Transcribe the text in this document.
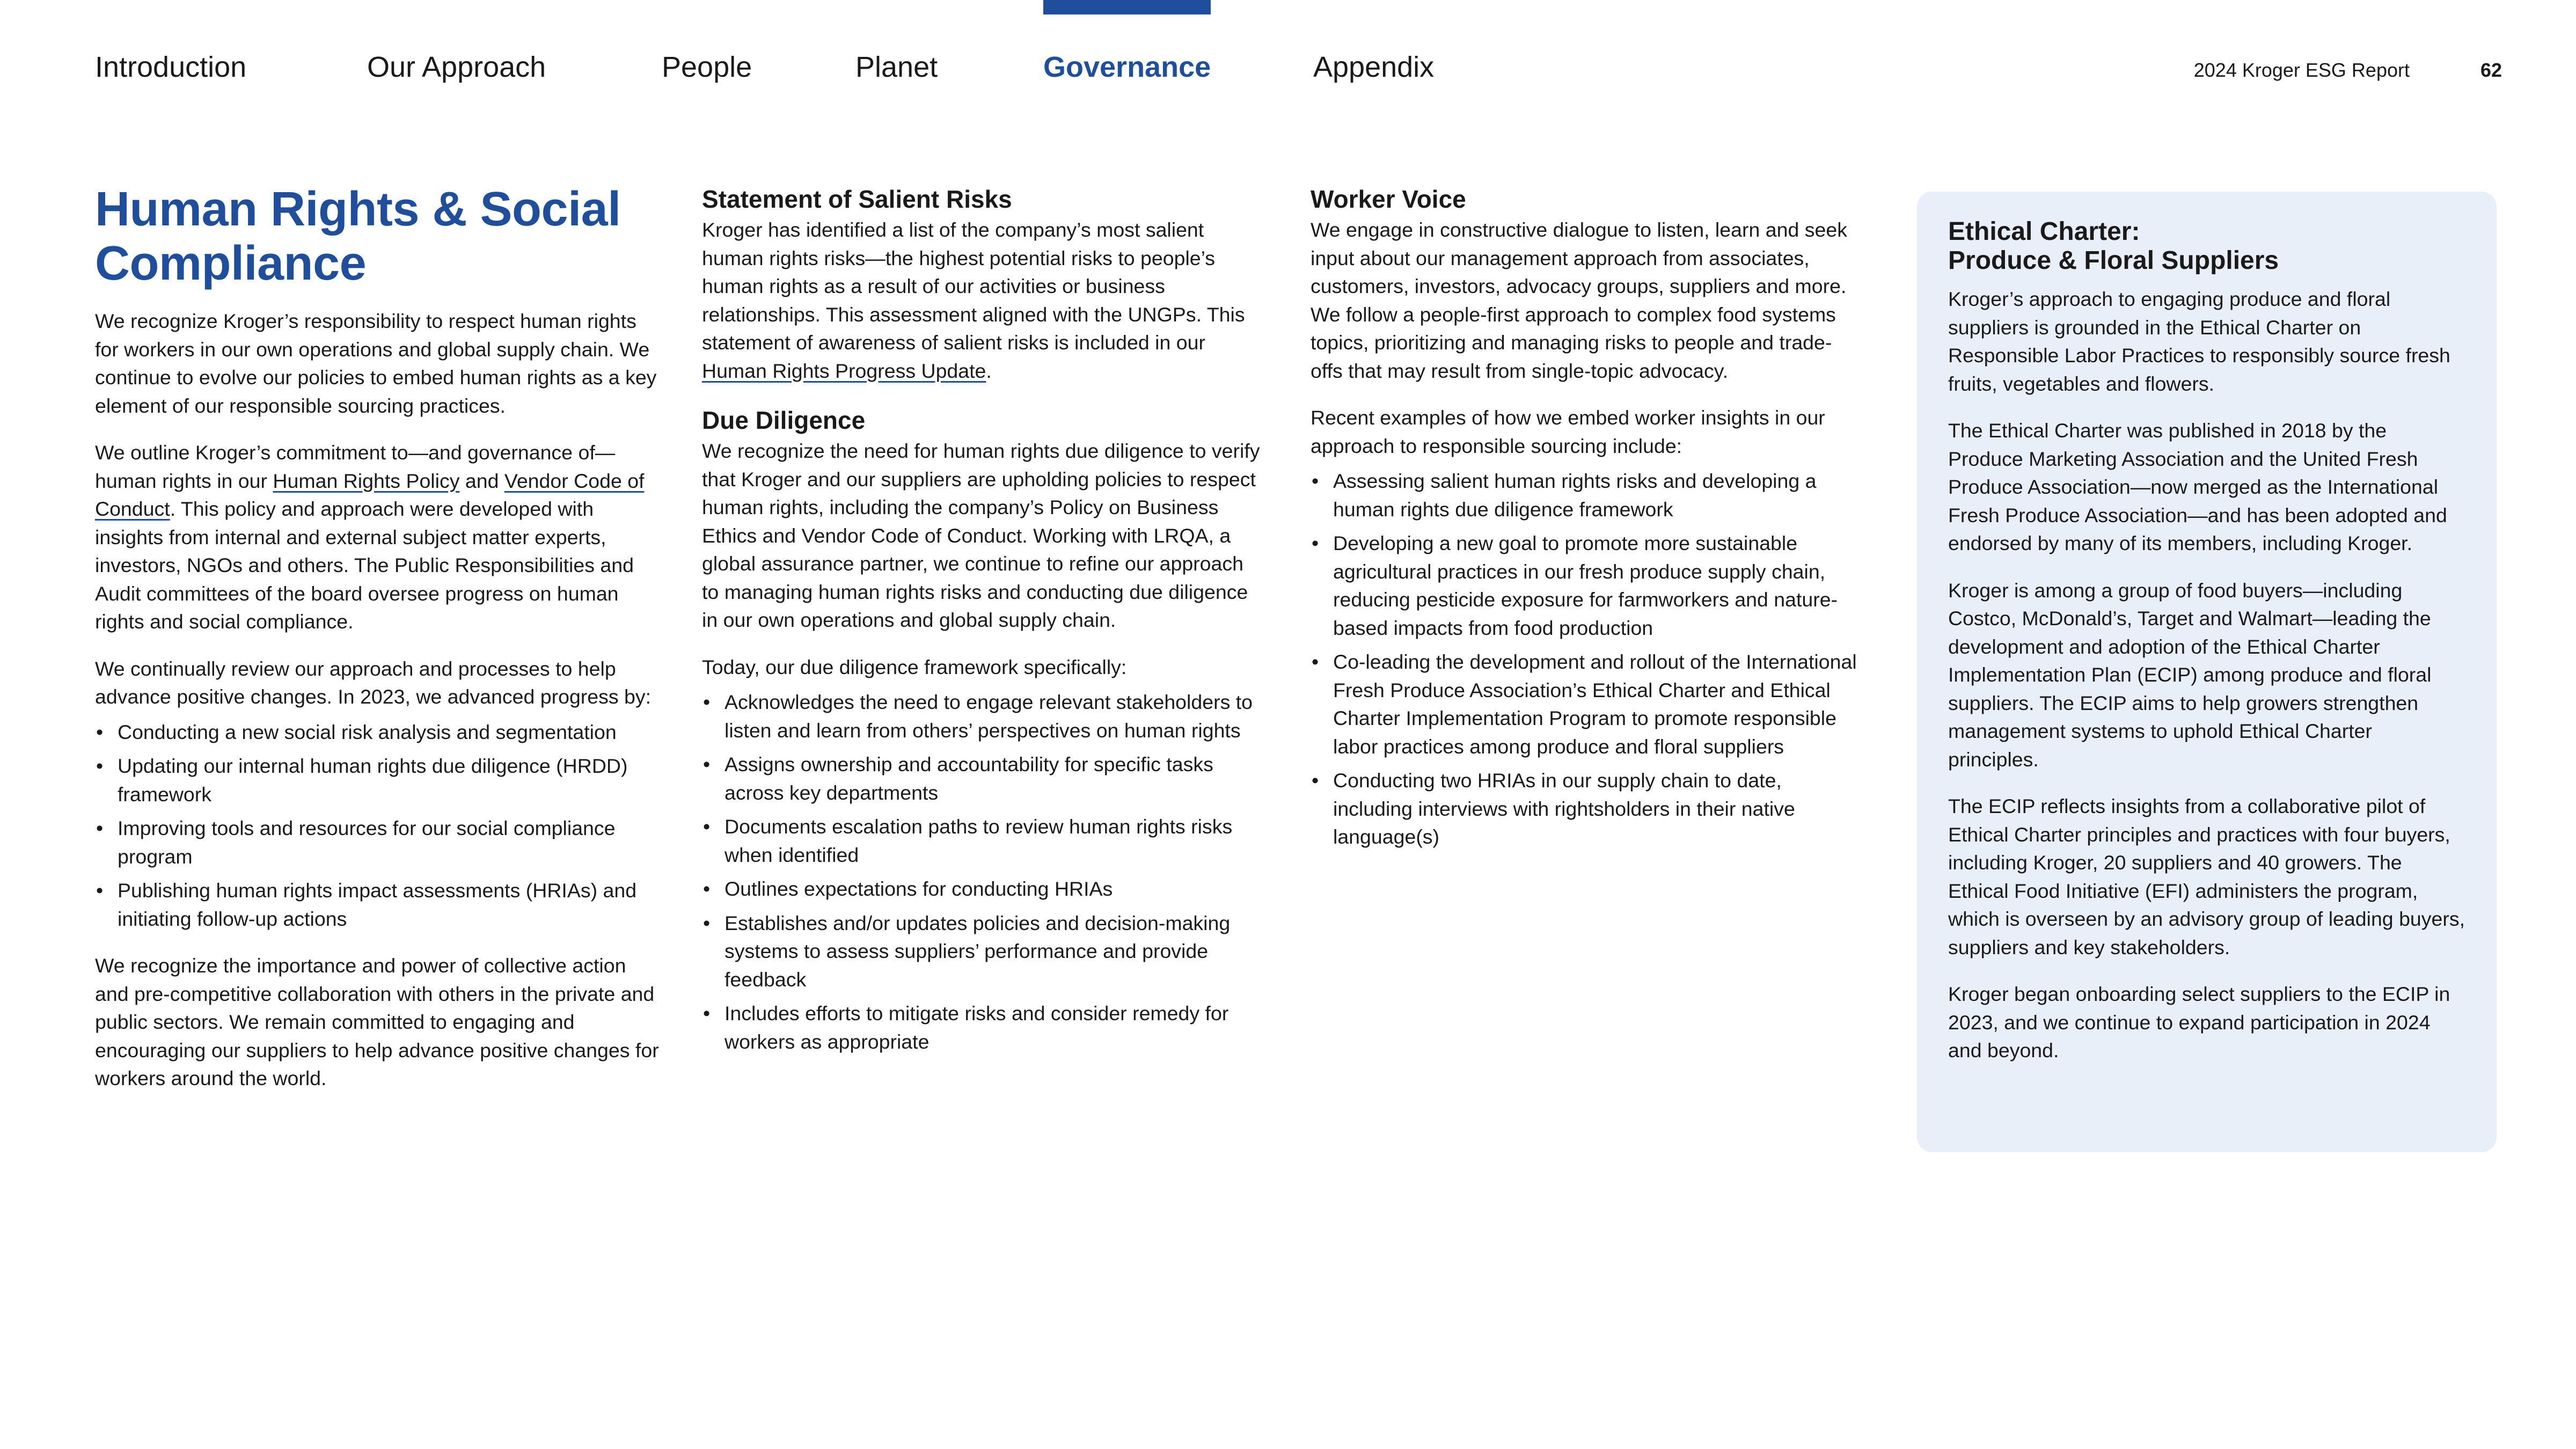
Introduction	Our Approach	People	Planet	Governance	Appendix	2024 Kroger ESG Report	62
Human Rights & Social Compliance

We recognize Kroger’s responsibility to respect human rights for workers in our own operations and global supply chain. We continue to evolve our policies to embed human rights as a key element of our responsible sourcing practices.

We outline Kroger’s commitment to—and governance of—human rights in our Human Rights Policy and Vendor Code of Conduct. This policy and approach were developed with insights from internal and external subject matter experts, investors, NGOs and others. The Public Responsibilities and Audit committees of the board oversee progress on human rights and social compliance.

We continually review our approach and processes to help advance positive changes. In 2023, we advanced progress by:

• Conducting a new social risk analysis and segmentation
• Updating our internal human rights due diligence (HRDD) framework
• Improving tools and resources for our social compliance program
• Publishing human rights impact assessments (HRIAs) and initiating follow-up actions

We recognize the importance and power of collective action and pre-competitive collaboration with others in the private and public sectors. We remain committed to engaging and encouraging our suppliers to help advance positive changes for workers around the world.

Statement of Salient Risks

Kroger has identified a list of the company’s most salient human rights risks—the highest potential risks to people’s human rights as a result of our activities or business relationships. This assessment aligned with the UNGPs. This statement of awareness of salient risks is included in our Human Rights Progress Update.

Due Diligence

We recognize the need for human rights due diligence to verify that Kroger and our suppliers are upholding policies to respect human rights, including the company’s Policy on Business Ethics and Vendor Code of Conduct. Working with LRQA, a global assurance partner, we continue to refine our approach to managing human rights risks and conducting due diligence in our own operations and global supply chain.

Today, our due diligence framework specifically:

• Acknowledges the need to engage relevant stakeholders to listen and learn from others’ perspectives on human rights
• Assigns ownership and accountability for specific tasks across key departments
• Documents escalation paths to review human rights risks when identified
• Outlines expectations for conducting HRIAs
• Establishes and/or updates policies and decision-making systems to assess suppliers’ performance and provide feedback
• Includes efforts to mitigate risks and consider remedy for workers as appropriate
Worker Voice

We engage in constructive dialogue to listen, learn and seek input about our management approach from associates, customers, investors, advocacy groups, suppliers and more. We follow a people-first approach to complex food systems topics, prioritizing and managing risks to people and trade-offs that may result from single-topic advocacy.

Recent examples of how we embed worker insights in our approach to responsible sourcing include:

• Assessing salient human rights risks and developing a human rights due diligence framework
• Developing a new goal to promote more sustainable agricultural practices in our fresh produce supply chain, reducing pesticide exposure for farmworkers and nature-based impacts from food production
• Co-leading the development and rollout of the International Fresh Produce Association’s Ethical Charter and Ethical Charter Implementation Program to promote responsible labor practices among produce and floral suppliers
• Conducting two HRIAs in our supply chain to date, including interviews with rightsholders in their native language(s)
Ethical Charter:
Produce & Floral Suppliers

Kroger’s approach to engaging produce and floral suppliers is grounded in the Ethical Charter on Responsible Labor Practices to responsibly source fresh fruits, vegetables and flowers.

The Ethical Charter was published in 2018 by the Produce Marketing Association and the United Fresh Produce Association—now merged as the International Fresh Produce Association—and has been adopted and endorsed by many of its members, including Kroger.

Kroger is among a group of food buyers—including Costco, McDonald’s, Target and Walmart—leading the development and adoption of the Ethical Charter Implementation Plan (ECIP) among produce and floral suppliers. The ECIP aims to help growers strengthen management systems to uphold Ethical Charter principles.

The ECIP reflects insights from a collaborative pilot of Ethical Charter principles and practices with four buyers, including Kroger, 20 suppliers and 40 growers. The Ethical Food Initiative (EFI) administers the program, which is overseen by an advisory group of leading buyers, suppliers and key stakeholders.

Kroger began onboarding select suppliers to the ECIP in 2023, and we continue to expand participation in 2024 and beyond.
